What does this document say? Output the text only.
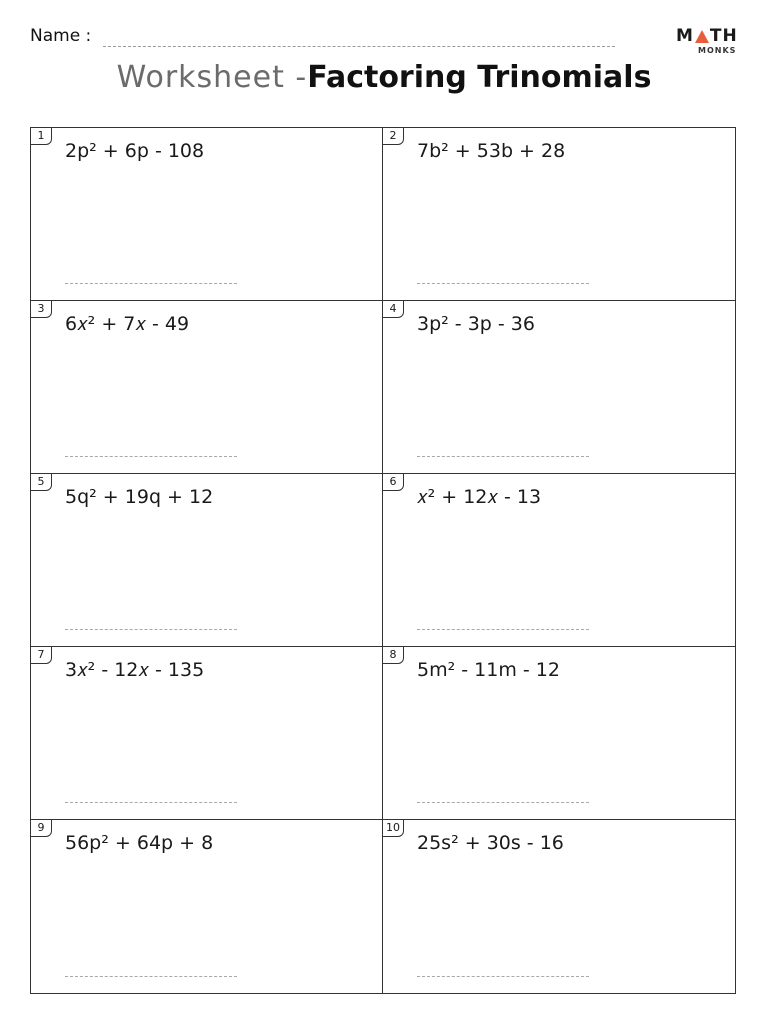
Name :	M TH
MONKS
Worksheet -Factoring Trinomials
1
2p² + 6p - 108
2
7b² + 53b + 28
3
6𝑥² + 7𝑥 - 49
4
3p² - 3p - 36
5
5q² + 19q + 12
6
𝑥² + 12𝑥 - 13
7
3𝑥² - 12𝑥 - 135
8
5m² - 11m - 12
9
56p² + 64p + 8
10
25s² + 30s - 16
